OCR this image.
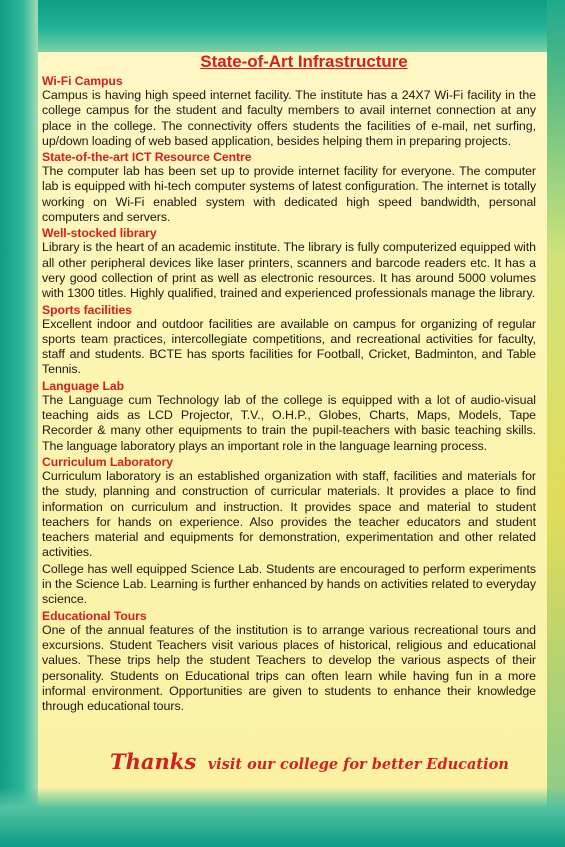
State-of-Art Infrastructure
Wi-Fi Campus

Campus is having high speed internet facility. The institute has a 24X7 Wi-Fi facility in the college campus for the student and faculty members to avail internet connection at any place in the college. The connectivity offers students the facilities of e-mail, net surfing, up/down loading of web based application, besides helping them in preparing projects.

State-of-the-art ICT Resource Centre

The computer lab has been set up to provide internet facility for everyone. The computer lab is equipped with hi-tech computer systems of latest configuration. The internet is totally working on Wi-Fi enabled system with dedicated high speed bandwidth, personal computers and servers.

Well-stocked library

Library is the heart of an academic institute. The library is fully computerized equipped with all other peripheral devices like laser printers, scanners and barcode readers etc. It has a very good collection of print as well as electronic resources. It has around 5000 volumes with 1300 titles. Highly qualified, trained and experienced professionals manage the library.

Sports facilities

Excellent indoor and outdoor facilities are available on campus for organizing of regular sports team practices, intercollegiate competitions, and recreational activities for faculty, staff and students. BCTE has sports facilities for Football, Cricket, Badminton, and Table Tennis.

Language Lab

The Language cum Technology lab of the college is equipped with a lot of audio-visual teaching aids as LCD Projector, T.V., O.H.P., Globes, Charts, Maps, Models, Tape Recorder & many other equipments to train the pupil-teachers with basic teaching skills. The language laboratory plays an important role in the language learning process.

Curriculum Laboratory

Curriculum laboratory is an established organization with staff, facilities and materials for the study, planning and construction of curricular materials. It provides a place to find information on curriculum and instruction. It provides space and material to student teachers for hands on experience. Also provides the teacher educators and student teachers material and equipments for demonstration, experimentation and other related activities.

College has well equipped Science Lab. Students are encouraged to perform experiments in the Science Lab. Learning is further enhanced by hands on activities related to everyday science.

Educational Tours

One of the annual features of the institution is to arrange various recreational tours and excursions. Student Teachers visit various places of historical, religious and educational values. These trips help the student Teachers to develop the various aspects of their personality. Students on Educational trips can often learn while having fun in a more informal environment. Opportunities are given to students to enhance their knowledge through educational tours.

Thanks visit our college for better Education
